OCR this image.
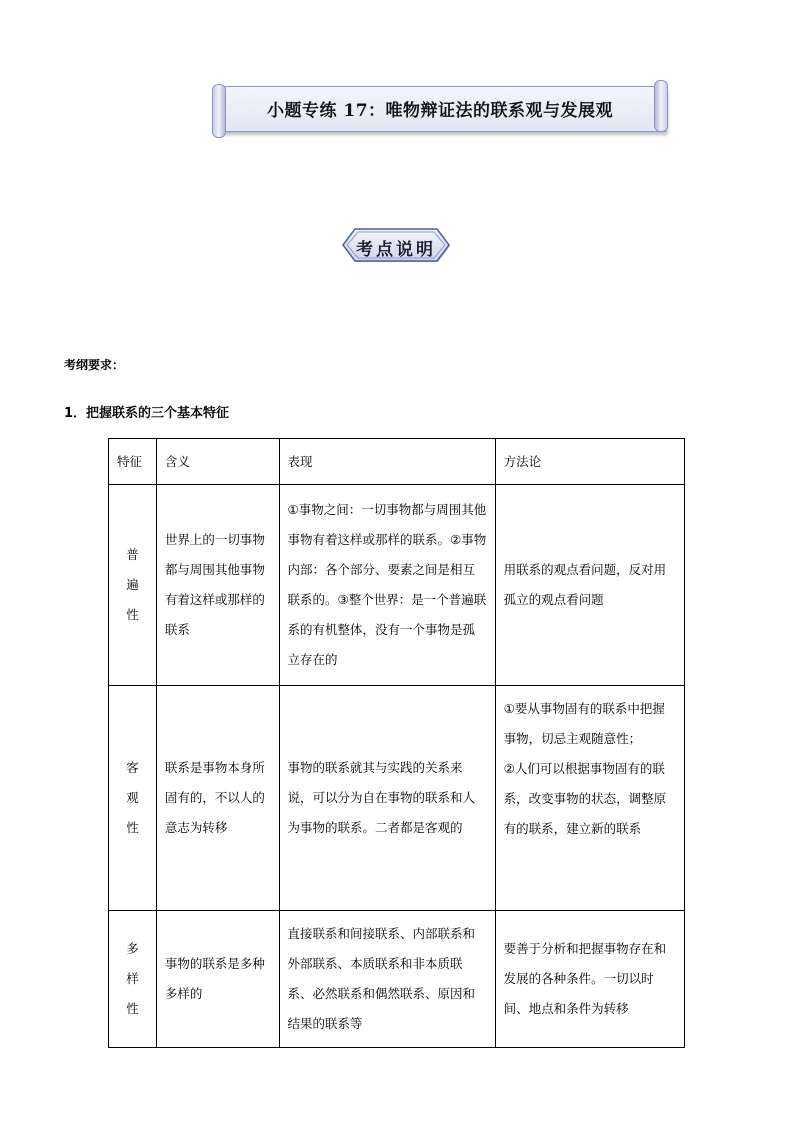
小题专练 17：唯物辩证法的联系观与发展观
考点说明
考纲要求：
1．把握联系的三个基本特征
特征	含义	表现	方法论

普
遍
性	世界上的一切事物都与周围其他事物有着这样或那样的联系	①事物之间：一切事物都与周围其他事物有着这样或那样的联系。②事物内部：各个部分、要素之间是相互联系的。③整个世界：是一个普遍联系的有机整体，没有一个事物是孤立存在的	用联系的观点看问题，反对用孤立的观点看问题

客
观
性	联系是事物本身所固有的，不以人的意志为转移	事物的联系就其与实践的关系来说，可以分为自在事物的联系和人为事物的联系。二者都是客观的	①要从事物固有的联系中把握事物，切忌主观随意性；
②人们可以根据事物固有的联系，改变事物的状态，调整原有的联系，建立新的联系

多
样
性	事物的联系是多种多样的	直接联系和间接联系、内部联系和外部联系、本质联系和非本质联系、必然联系和偶然联系、原因和结果的联系等	要善于分析和把握事物存在和发展的各种条件。一切以时间、地点和条件为转移
